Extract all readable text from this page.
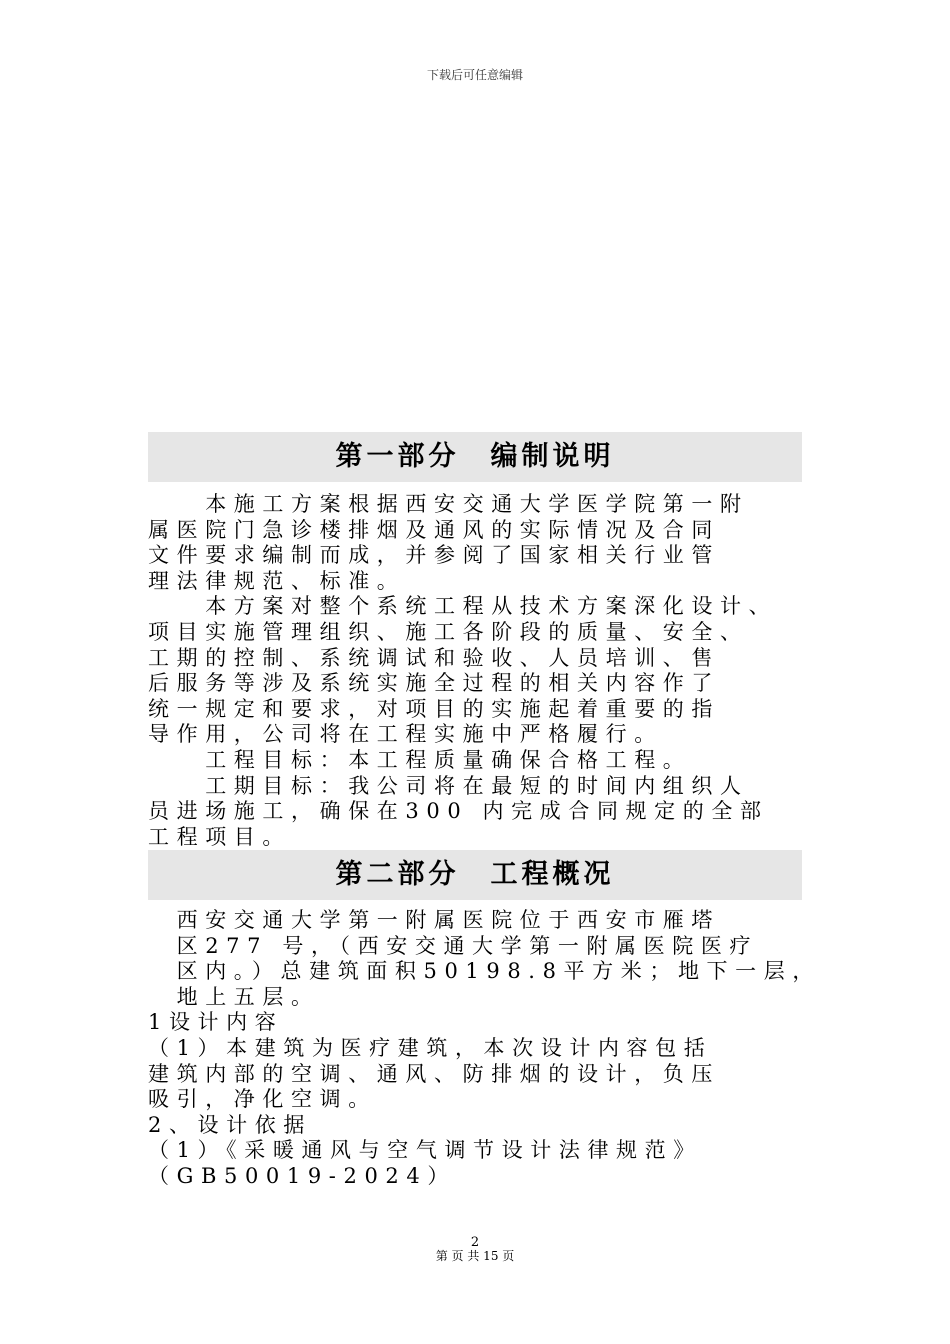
下载后可任意编辑
第一部分　编制说明
　　本施工方案根据西安交通大学医学院第一附
属医院门急诊楼排烟及通风的实际情况及合同
文件要求编制而成，并参阅了国家相关行业管
理法律规范、标准。
　　本方案对整个系统工程从技术方案深化设计、
项目实施管理组织、施工各阶段的质量、安全、
工期的控制、系统调试和验收、人员培训、售
后服务等涉及系统实施全过程的相关内容作了
统一规定和要求，对项目的实施起着重要的指
导作用，公司将在工程实施中严格履行。
　　工程目标：本工程质量确保合格工程。
　　工期目标：我公司将在最短的时间内组织人
员进场施工，确保在300 内完成合同规定的全部
工程项目。
第二部分　工程概况
　西安交通大学第一附属医院位于西安市雁塔
　区277 号，（西安交通大学第一附属医院医疗
　区内。）总建筑面积50198.8平方米；地下一层，
　地上五层。
1设计内容
（1）本建筑为医疗建筑，本次设计内容包括
建筑内部的空调、通风、防排烟的设计，负压
吸引，净化空调。
2、设计依据
（1）《采暖通风与空气调节设计法律规范》
（GB50019-2024）
2
第 页 共 15 页
